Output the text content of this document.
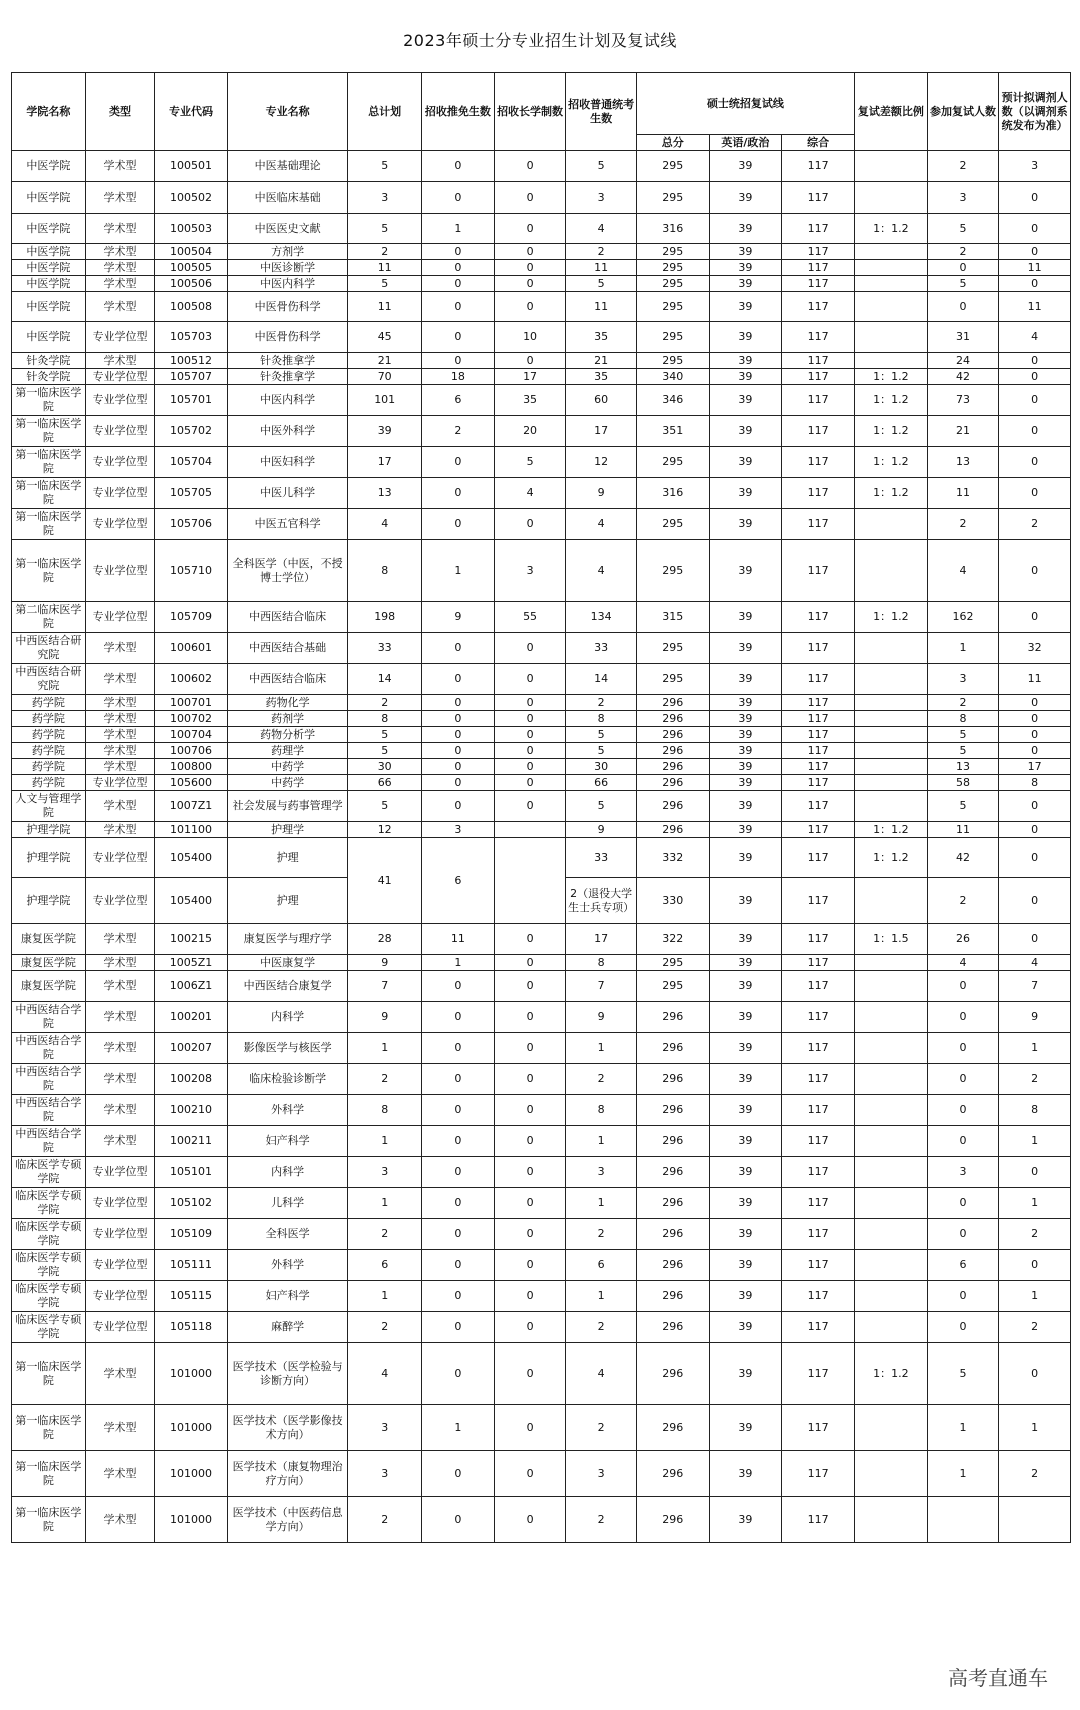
2023年硕士分专业招生计划及复试线
学院名称	类型	专业代码	专业名称	总计划	招收推免生数	招收长学制数	招收普通统考生数	硕士统招复试线			复试差额比例	参加复试人数	预计拟调剂人数（以调剂系统发布为准）
								总分	英语/政治	综合			
中医学院	学术型	100501	中医基础理论	5	0	0	5	295	39	117		2	3
中医学院	学术型	100502	中医临床基础	3	0	0	3	295	39	117		3	0
中医学院	学术型	100503	中医医史文献	5	1	0	4	316	39	117	1：1.2	5	0
中医学院	学术型	100504	方剂学	2	0	0	2	295	39	117		2	0
中医学院	学术型	100505	中医诊断学	11	0	0	11	295	39	117		0	11
中医学院	学术型	100506	中医内科学	5	0	0	5	295	39	117		5	0
中医学院	学术型	100508	中医骨伤科学	11	0	0	11	295	39	117		0	11
中医学院	专业学位型	105703	中医骨伤科学	45	0	10	35	295	39	117		31	4
针灸学院	学术型	100512	针灸推拿学	21	0	0	21	295	39	117		24	0
针灸学院	专业学位型	105707	针灸推拿学	70	18	17	35	340	39	117	1：1.2	42	0
第一临床医学院	专业学位型	105701	中医内科学	101	6	35	60	346	39	117	1：1.2	73	0
第一临床医学院	专业学位型	105702	中医外科学	39	2	20	17	351	39	117	1：1.2	21	0
第一临床医学院	专业学位型	105704	中医妇科学	17	0	5	12	295	39	117	1：1.2	13	0
第一临床医学院	专业学位型	105705	中医儿科学	13	0	4	9	316	39	117	1：1.2	11	0
第一临床医学院	专业学位型	105706	中医五官科学	4	0	0	4	295	39	117		2	2
第一临床医学院	专业学位型	105710	全科医学（中医，不授博士学位）	8	1	3	4	295	39	117		4	0
第二临床医学院	专业学位型	105709	中西医结合临床	198	9	55	134	315	39	117	1：1.2	162	0
中西医结合研究院	学术型	100601	中西医结合基础	33	0	0	33	295	39	117		1	32
中西医结合研究院	学术型	100602	中西医结合临床	14	0	0	14	295	39	117		3	11
药学院	学术型	100701	药物化学	2	0	0	2	296	39	117		2	0
药学院	学术型	100702	药剂学	8	0	0	8	296	39	117		8	0
药学院	学术型	100704	药物分析学	5	0	0	5	296	39	117		5	0
药学院	学术型	100706	药理学	5	0	0	5	296	39	117		5	0
药学院	学术型	100800	中药学	30	0	0	30	296	39	117		13	17
药学院	专业学位型	105600	中药学	66	0	0	66	296	39	117		58	8
人文与管理学院	学术型	1007Z1	社会发展与药事管理学	5	0	0	5	296	39	117		5	0
护理学院	学术型	101100	护理学	12	3		9	296	39	117	1：1.2	11	0
护理学院	专业学位型	105400	护理	41	6		33	332	39	117	1：1.2	42	0
护理学院	专业学位型	105400	护理				2（退役大学生士兵专项）	330	39	117		2	0
康复医学院	学术型	100215	康复医学与理疗学	28	11	0	17	322	39	117	1：1.5	26	0
康复医学院	学术型	1005Z1	中医康复学	9	1	0	8	295	39	117		4	4
康复医学院	学术型	1006Z1	中西医结合康复学	7	0	0	7	295	39	117		0	7
中西医结合学院	学术型	100201	内科学	9	0	0	9	296	39	117		0	9
中西医结合学院	学术型	100207	影像医学与核医学	1	0	0	1	296	39	117		0	1
中西医结合学院	学术型	100208	临床检验诊断学	2	0	0	2	296	39	117		0	2
中西医结合学院	学术型	100210	外科学	8	0	0	8	296	39	117		0	8
中西医结合学院	学术型	100211	妇产科学	1	0	0	1	296	39	117		0	1
临床医学专硕学院	专业学位型	105101	内科学	3	0	0	3	296	39	117		3	0
临床医学专硕学院	专业学位型	105102	儿科学	1	0	0	1	296	39	117		0	1
临床医学专硕学院	专业学位型	105109	全科医学	2	0	0	2	296	39	117		0	2
临床医学专硕学院	专业学位型	105111	外科学	6	0	0	6	296	39	117		6	0
临床医学专硕学院	专业学位型	105115	妇产科学	1	0	0	1	296	39	117		0	1
临床医学专硕学院	专业学位型	105118	麻醉学	2	0	0	2	296	39	117		0	2
第一临床医学院	学术型	101000	医学技术（医学检验与诊断方向）	4	0	0	4	296	39	117	1：1.2	5	0
第一临床医学院	学术型	101000	医学技术（医学影像技术方向）	3	1	0	2	296	39	117		1	1
第一临床医学院	学术型	101000	医学技术（康复物理治疗方向）	3	0	0	3	296	39	117		1	2
第一临床医学院	学术型	101000	医学技术（中医药信息学方向）	2	0	0	2	296	39	117			
高考直通车
